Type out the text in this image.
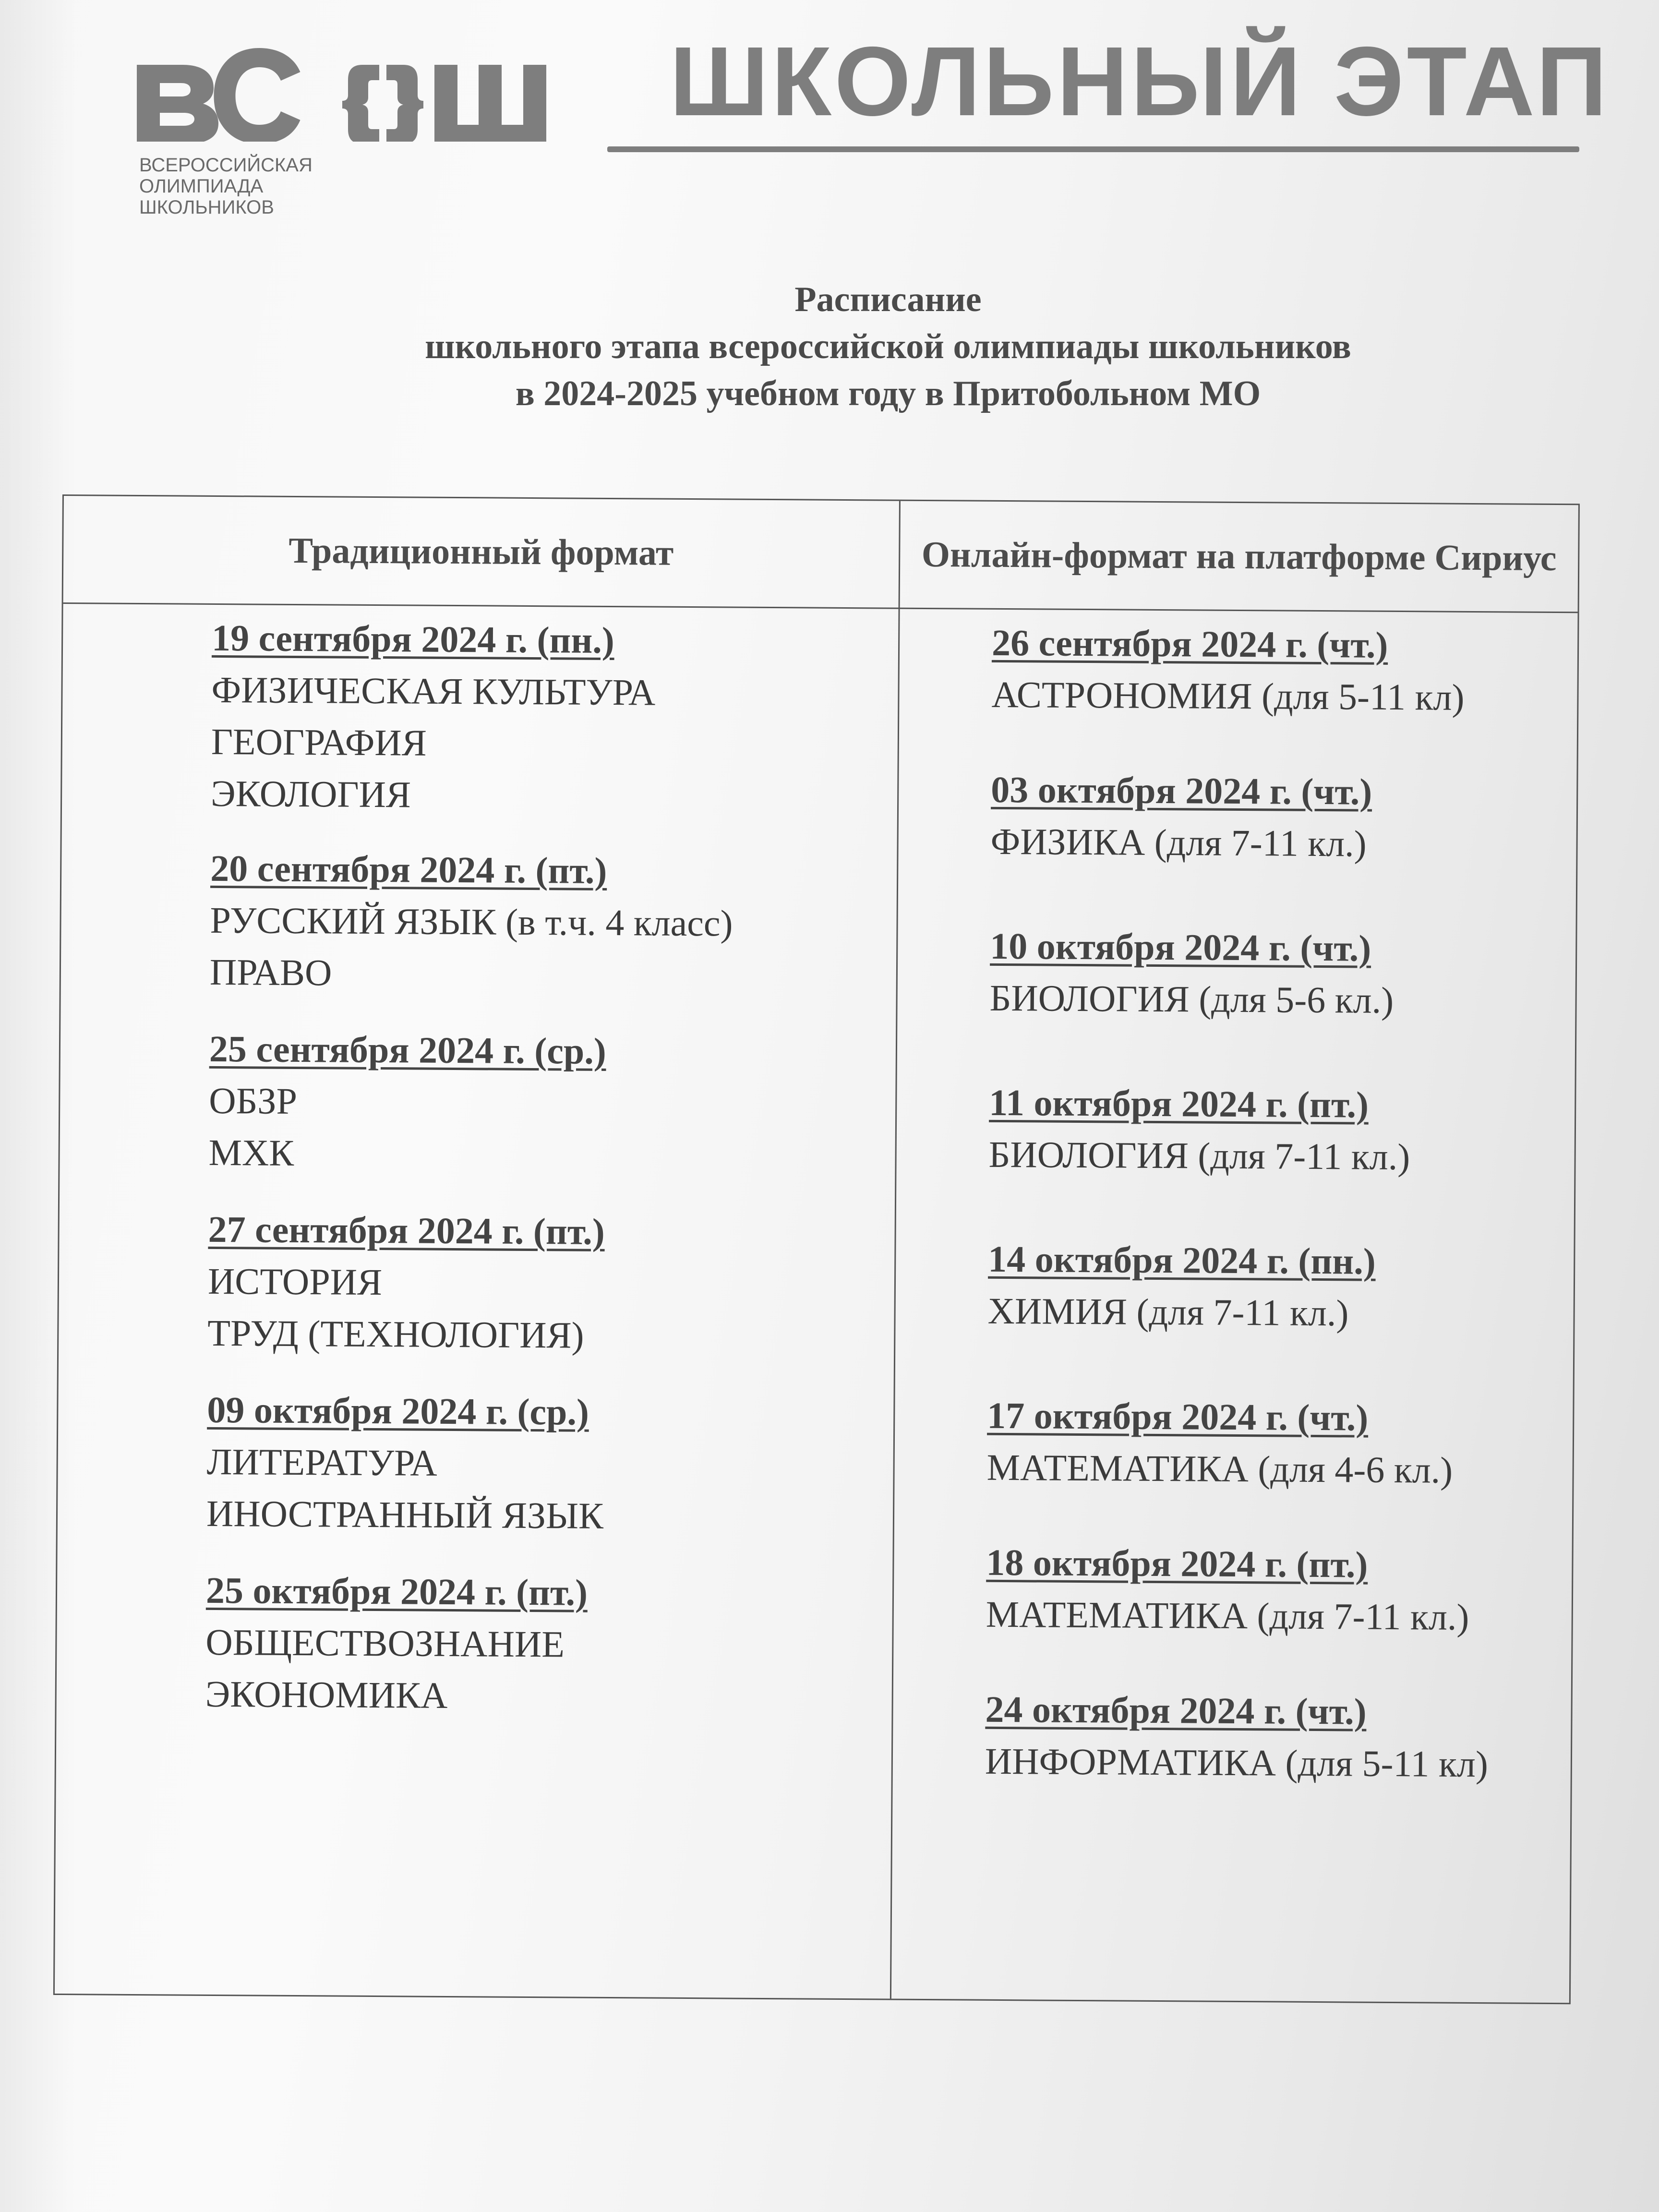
ВСЕРОССИЙСКАЯ
ОЛИМПИАДА
ШКОЛЬНИКОВ
ШКОЛЬНЫЙ ЭТАП
Расписание
школьного этапа всероссийской олимпиады школьников
в 2024-2025 учебном году в Притобольном МО
Традиционный формат	Онлайн-формат на платформе Сириус
19 сентября 2024 г. (пн.)
ФИЗИЧЕСКАЯ КУЛЬТУРА
ГЕОГРАФИЯ
ЭКОЛОГИЯ
20 сентября 2024 г. (пт.)
РУССКИЙ ЯЗЫК (в т.ч. 4 класс)
ПРАВО
25 сентября 2024 г. (ср.)
ОБЗР
МХК
27 сентября 2024 г. (пт.)
ИСТОРИЯ
ТРУД (ТЕХНОЛОГИЯ)
09 октября 2024 г. (ср.)
ЛИТЕРАТУРА
ИНОСТРАННЫЙ ЯЗЫК
25 октября 2024 г. (пт.)
ОБЩЕСТВОЗНАНИЕ
ЭКОНОМИКА
26 сентября 2024 г. (чт.)
АСТРОНОМИЯ (для 5-11 кл)
03 октября 2024 г. (чт.)
ФИЗИКА (для 7-11 кл.)
10 октября 2024 г. (чт.)
БИОЛОГИЯ (для 5-6 кл.)
11 октября 2024 г. (пт.)
БИОЛОГИЯ (для 7-11 кл.)
14 октября 2024 г. (пн.)
ХИМИЯ (для 7-11 кл.)
17 октября 2024 г. (чт.)
МАТЕМАТИКА (для 4-6 кл.)
18 октября 2024 г. (пт.)
МАТЕМАТИКА (для 7-11 кл.)
24 октября 2024 г. (чт.)
ИНФОРМАТИКА (для 5-11 кл)
